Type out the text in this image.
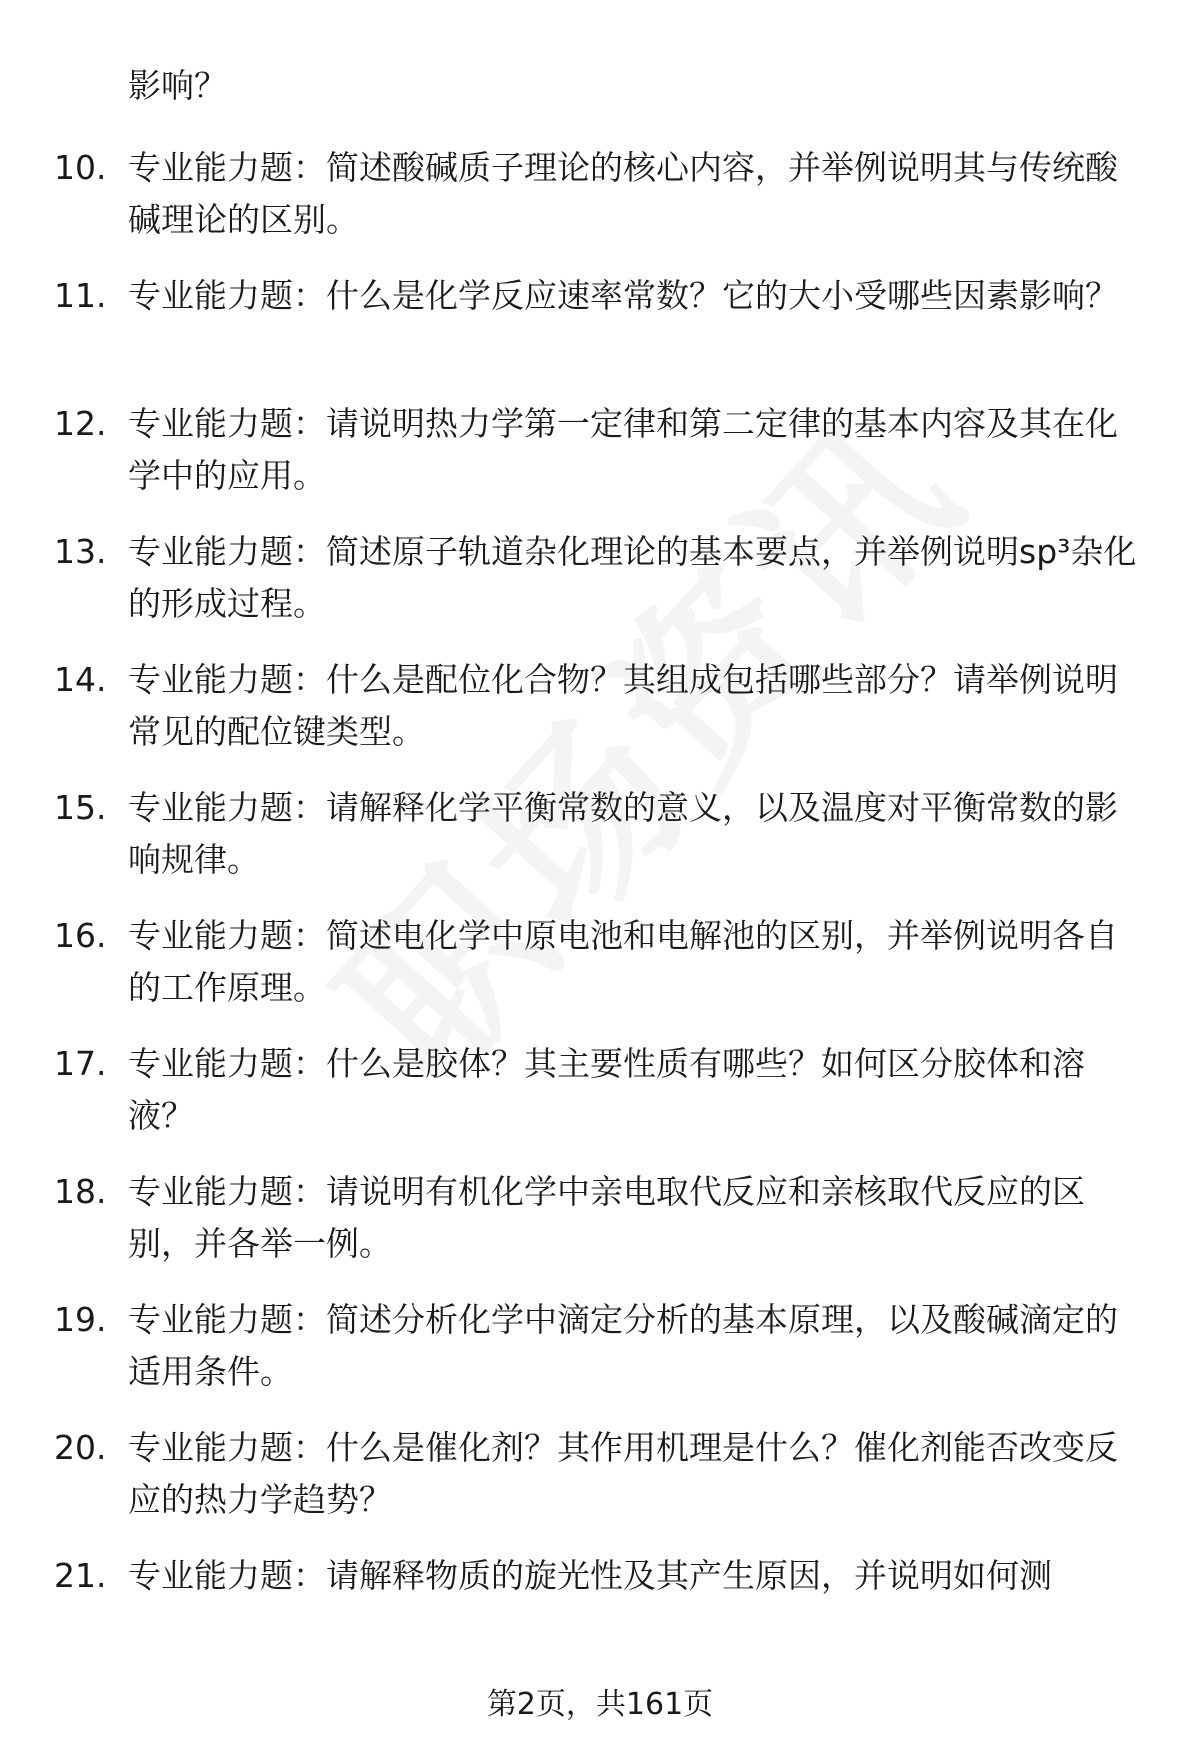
影响？
10. 专业能力题：简述酸碱质子理论的核心内容，并举例说明其与传统酸碱理论的区别。
11. 专业能力题：什么是化学反应速率常数？它的大小受哪些因素影响？
12. 专业能力题：请说明热力学第一定律和第二定律的基本内容及其在化学中的应用。
13. 专业能力题：简述原子轨道杂化理论的基本要点，并举例说明sp³杂化的形成过程。
14. 专业能力题：什么是配位化合物？其组成包括哪些部分？请举例说明常见的配位键类型。
15. 专业能力题：请解释化学平衡常数的意义，以及温度对平衡常数的影响规律。
16. 专业能力题：简述电化学中原电池和电解池的区别，并举例说明各自的工作原理。
17. 专业能力题：什么是胶体？其主要性质有哪些？如何区分胶体和溶液？
18. 专业能力题：请说明有机化学中亲电取代反应和亲核取代反应的区别，并各举一例。
19. 专业能力题：简述分析化学中滴定分析的基本原理，以及酸碱滴定的适用条件。
20. 专业能力题：什么是催化剂？其作用机理是什么？催化剂能否改变反应的热力学趋势？
21. 专业能力题：请解释物质的旋光性及其产生原因，并说明如何测
第2页，共161页
